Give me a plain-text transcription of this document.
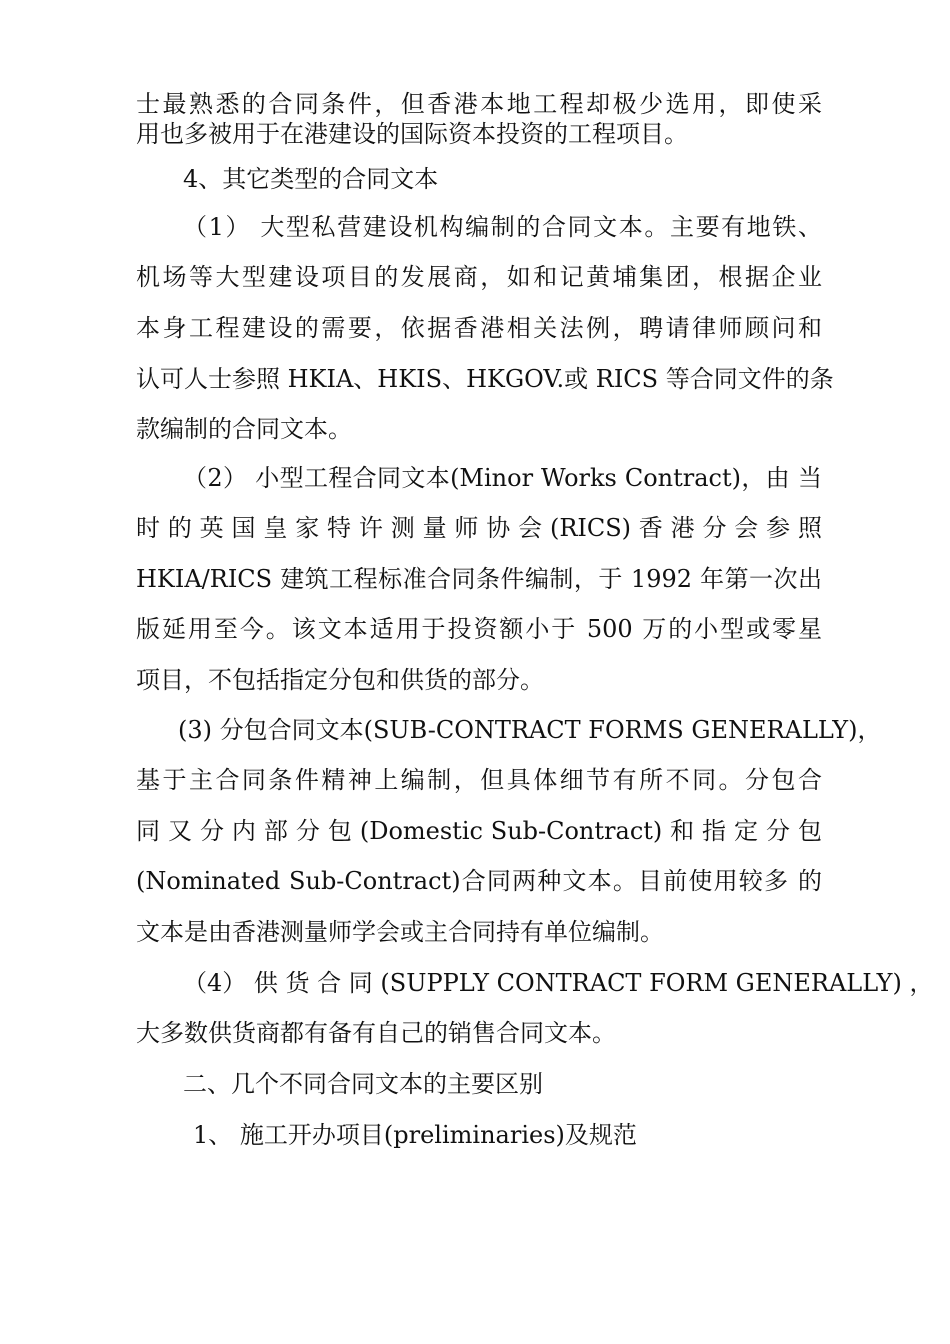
士最熟悉的合同条件，但香港本地工程却极少选用，即使采
用也多被用于在港建设的国际资本投资的工程项目。
4、其它类型的合同文本
（1） 大型私营建设机构编制的合同文本。主要有地铁、
机场等大型建设项目的发展商，如和记黄埔集团，根据企业
本身工程建设的需要，依据香港相关法例，聘请律师顾问和
认可人士参照 HKIA、HKIS、HKGOV.或 RICS 等合同文件的条
款编制的合同文本。
（2） 小型工程合同文本(Minor Works Contract)，由 当
时 的 英 国 皇 家 特 许 测 量 师 协 会 (RICS) 香 港 分 会 参 照
HKIA/RICS 建筑工程标准合同条件编制，于 1992 年第一次出
版延用至今。该文本适用于投资额小于 500 万的小型或零星
项目，不包括指定分包和供货的部分。
(3) 分包合同文本(SUB-CONTRACT FORMS GENERALLY)，
基于主合同条件精神上编制，但具体细节有所不同。分包合
同 又 分 内 部 分 包 (Domestic Sub-Contract) 和 指 定 分 包
(Nominated Sub-Contract)合同两种文本。目前使用较多 的
文本是由香港测量师学会或主合同持有单位编制。
（4） 供 货 合 同 (SUPPLY CONTRACT FORM GENERALLY) ，
大多数供货商都有备有自己的销售合同文本。
二、几个不同合同文本的主要区别
1、 施工开办项目(preliminaries)及规范
